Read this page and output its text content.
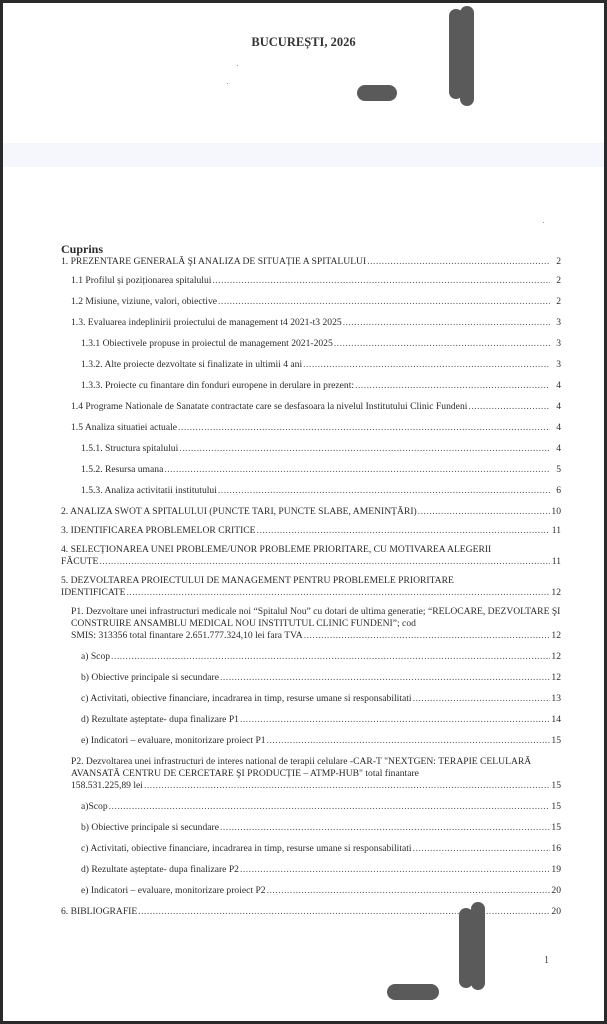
BUCUREȘTI, 2026
Cuprins
1. PREZENTARE GENERALĂ ŞI ANALIZA DE SITUAȚIE A SPITALULUI .....	2
1.1 Profilul și poziționarea spitalului .....	2
1.2 Misiune, viziune, valori, obiective .....	2
1.3. Evaluarea indeplinirii proiectului de management t4 2021-t3 2025 .....	3
1.3.1 Obiectivele propuse in proiectul de management 2021-2025 .....	3
1.3.2. Alte proiecte dezvoltate si finalizate in ultimii 4 ani .....	3
1.3.3. Proiecte cu finantare din fonduri europene in derulare in prezent: .....	4
1.4 Programe Nationale de Sanatate contractate care se desfasoara la nivelul Institutului Clinic Fundeni .....	4
1.5 Analiza situatiei actuale .....	4
1.5.1. Structura spitalului .....	4
1.5.2. Resursa umana .....	5
1.5.3. Analiza activitatii institutului .....	6
2. ANALIZA SWOT A SPITALULUI (PUNCTE TARI, PUNCTE SLABE, AMENINȚĂRI) .....	10
3. IDENTIFICAREA PROBLEMELOR CRITICE .....	11
4. SELECȚIONAREA UNEI PROBLEME/UNOR PROBLEME PRIORITARE, CU MOTIVAREA ALEGERII
FĂCUTE .....	11
5. DEZVOLTAREA PROIECTULUI DE MANAGEMENT PENTRU PROBLEMELE PRIORITARE
IDENTIFICATE .....	12
P1. Dezvoltare unei infrastructuri medicale noi “Spitalul Nou” cu dotari de ultima generatie; “RELOCARE, DEZVOLTARE ŞI CONSTRUIRE ANSAMBLU MEDICAL NOU INSTITUTUL CLINIC FUNDENI”; cod
SMIS: 313356 total finantare 2.651.777.324,10 lei fara TVA .....	12
a) Scop .....	12
b) Obiective principale si secundare .....	12
c) Activitati, obiective financiare, incadrarea in timp, resurse umane si responsabilitati .....	13
d) Rezultate așteptate- dupa finalizare P1 .....	14
e) Indicatori – evaluare, monitorizare proiect P1 .....	15
P2. Dezvoltarea unei infrastructuri de interes national de terapii celulare -CAR-T "NEXTGEN: TERAPIE CELULARĂ AVANSATĂ CENTRU DE CERCETARE ŞI PRODUCȚIE – ATMP-HUB" total finantare
158.531.225,89 lei .....	15
a)Scop .....	15
b) Obiective principale si secundare .....	15
c) Activitati, obiective financiare, incadrarea in timp, resurse umane si responsabilitati .....	16
d) Rezultate așteptate- dupa finalizare P2 .....	19
e) Indicatori – evaluare, monitorizare proiect P2 .....	20
6. BIBLIOGRAFIE .....	20
1
